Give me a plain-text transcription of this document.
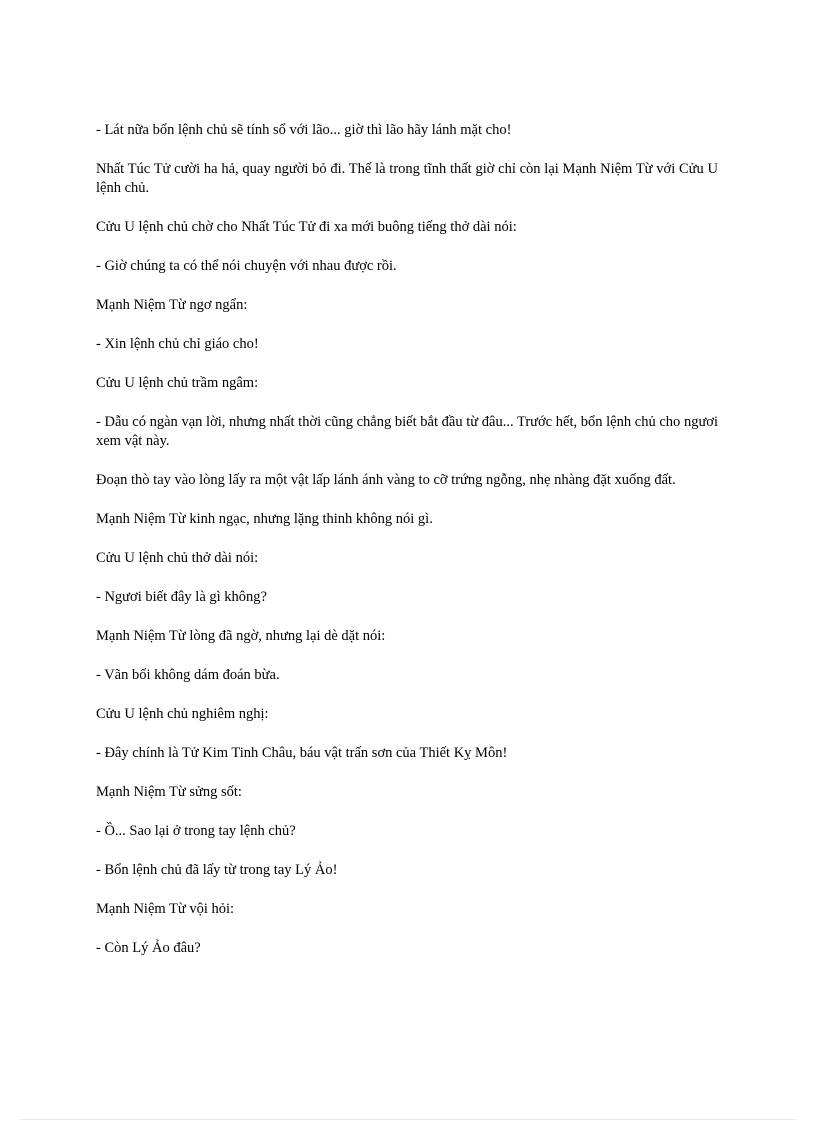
- Lát nữa bổn lệnh chủ sẽ tính sổ với lão... giờ thì lão hãy lánh mặt cho!

Nhất Túc Tử cười ha hả, quay người bỏ đi. Thế là trong tĩnh thất giờ chỉ còn lại Mạnh Niệm Từ với Cửu U lệnh chủ.

Cửu U lệnh chủ chờ cho Nhất Túc Tử đi xa mới buông tiếng thở dài nói:

- Giờ chúng ta có thể nói chuyện với nhau được rồi.

Mạnh Niệm Từ ngơ ngẩn:

- Xin lệnh chủ chỉ giáo cho!

Cửu U lệnh chủ trầm ngâm:

- Dẫu có ngàn vạn lời, nhưng nhất thời cũng chẳng biết bắt đầu từ đâu... Trước hết, bổn lệnh chủ cho ngươi xem vật này.

Đoạn thò tay vào lòng lấy ra một vật lấp lánh ánh vàng to cỡ trứng ngỗng, nhẹ nhàng đặt xuống đất.

Mạnh Niệm Từ kinh ngạc, nhưng lặng thinh không nói gì.

Cửu U lệnh chủ thở dài nói:

- Ngươi biết đây là gì không?

Mạnh Niệm Từ lòng đã ngờ, nhưng lại dè dặt nói:

- Vãn bối không dám đoán bừa.

Cửu U lệnh chủ nghiêm nghị:

- Đây chính là Tử Kim Tinh Châu, báu vật trấn sơn của Thiết Kỵ Môn!

Mạnh Niệm Từ sửng sốt:

- Ồ... Sao lại ở trong tay lệnh chủ?

- Bổn lệnh chủ đã lấy từ trong tay Lý Ảo!

Mạnh Niệm Từ vội hỏi:

- Còn Lý Ảo đâu?
